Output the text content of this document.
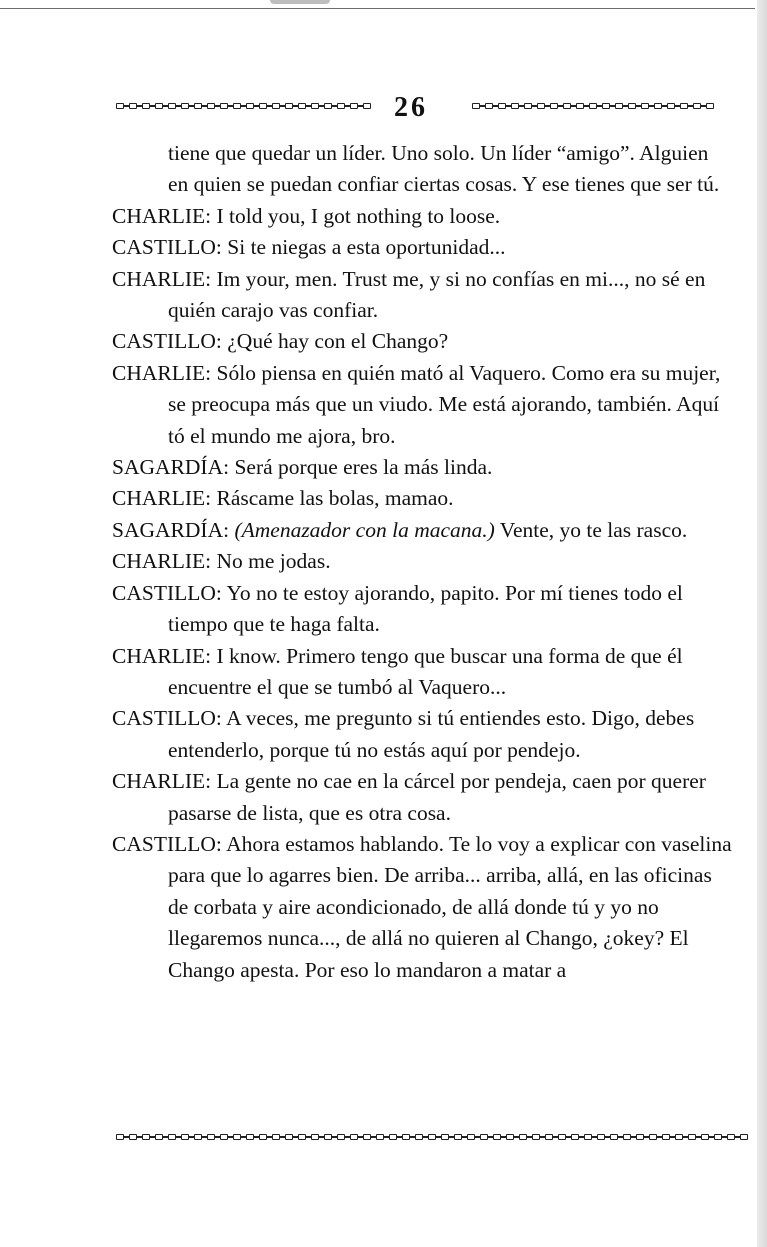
26

tiene que quedar un líder. Uno solo. Un líder “amigo”. Alguien en quien se puedan confiar ciertas cosas. Y ese tienes que ser tú.

CHARLIE: I told you, I got nothing to loose.

CASTILLO: Si te niegas a esta oportunidad...

CHARLIE: Im your, men. Trust me, y si no confías en mi..., no sé en quién carajo vas confiar.

CASTILLO: ¿Qué hay con el Chango?

CHARLIE: Sólo piensa en quién mató al Vaquero. Como era su mujer, se preocupa más que un viudo. Me está ajorando, también. Aquí tó el mundo me ajora, bro.

SAGARDÍA: Será porque eres la más linda.

CHARLIE: Ráscame las bolas, mamao.

SAGARDÍA: (Amenazador con la macana.) Vente, yo te las rasco.

CHARLIE: No me jodas.

CASTILLO: Yo no te estoy ajorando, papito. Por mí tienes todo el tiempo que te haga falta.

CHARLIE: I know. Primero tengo que buscar una forma de que él encuentre el que se tumbó al Vaquero...

CASTILLO: A veces, me pregunto si tú entiendes esto. Digo, debes entenderlo, porque tú no estás aquí por pendejo.

CHARLIE: La gente no cae en la cárcel por pendeja, caen por querer pasarse de lista, que es otra cosa.

CASTILLO: Ahora estamos hablando. Te lo voy a explicar con vaselina para que lo agarres bien. De arriba... arriba, allá, en las oficinas de corbata y aire acondicionado, de allá donde tú y yo no llegaremos nunca..., de allá no quieren al Chango, ¿okey? El Chango apesta. Por eso lo mandaron a matar a
